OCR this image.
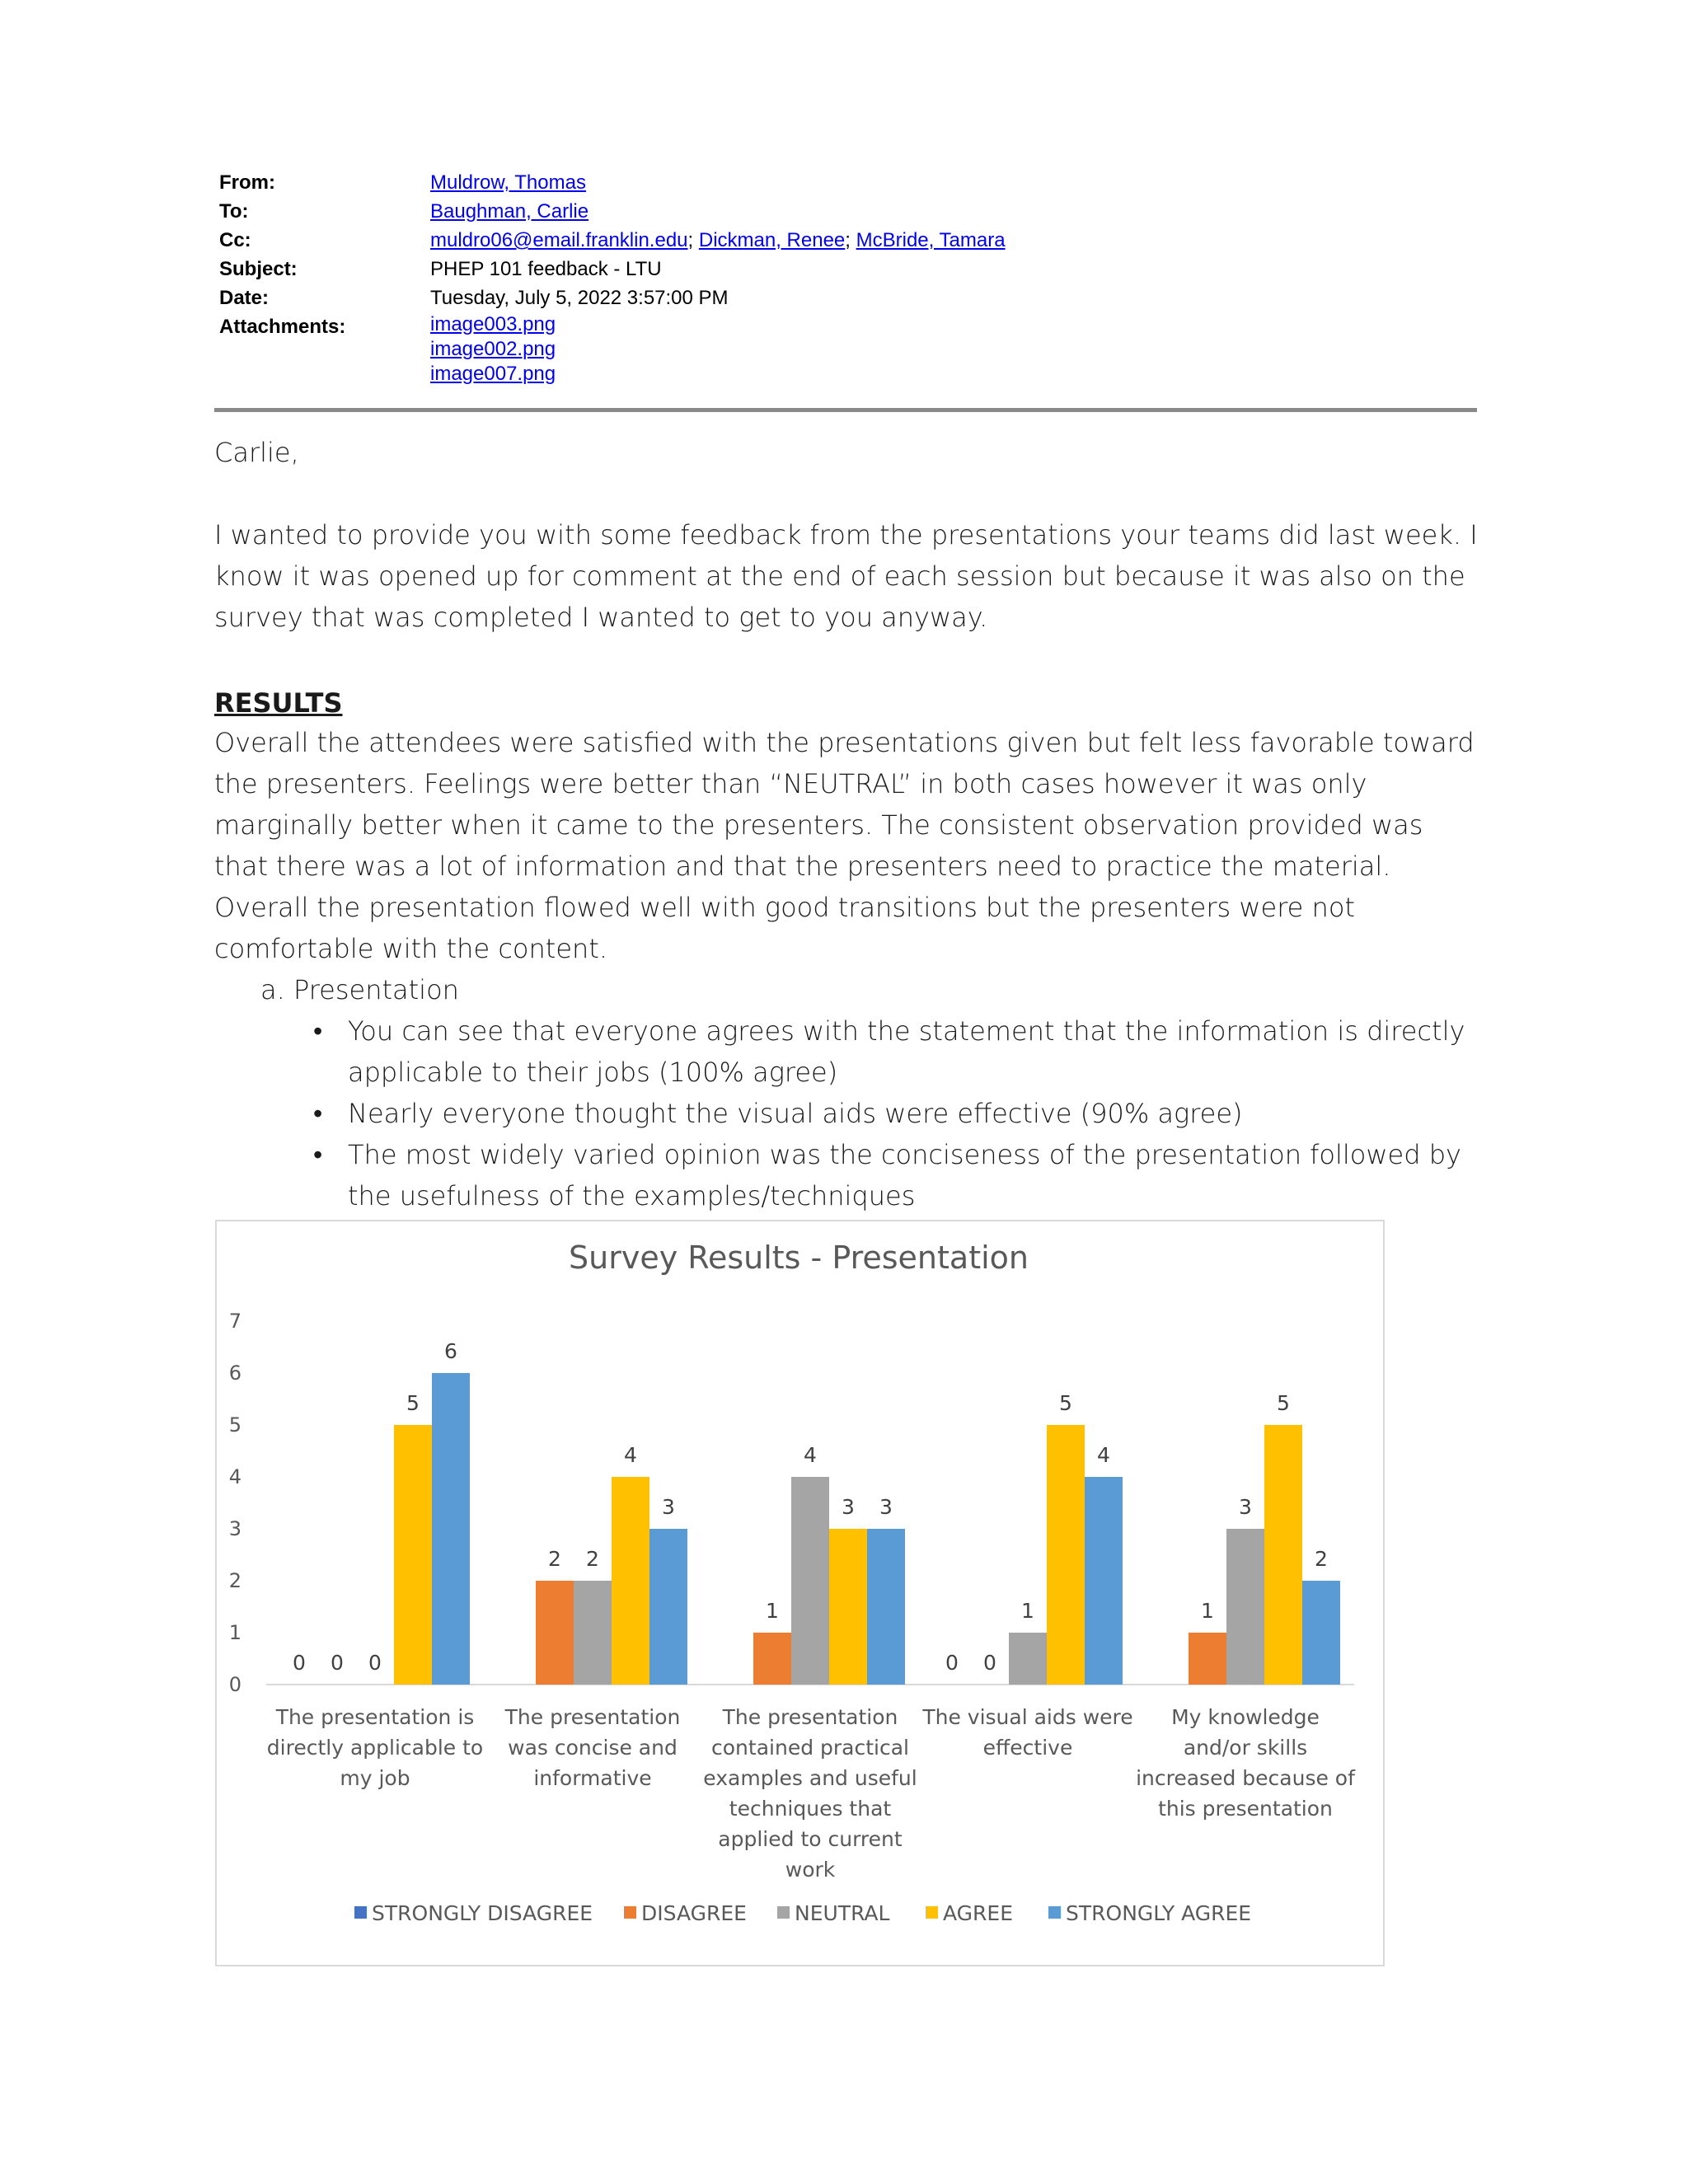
From:	Muldrow, Thomas
To:	Baughman, Carlie
Cc:	muldro06@email.franklin.edu; Dickman, Renee; McBride, Tamara
Subject:	PHEP 101 feedback - LTU
Date:	Tuesday, July 5, 2022 3:57:00 PM
Attachments:	image003.png
image002.png
image007.png
Carlie,
I wanted to provide you with some feedback from the presentations your teams did last week. I know it was opened up for comment at the end of each session but because it was also on the survey that was completed I wanted to get to you anyway.
RESULTS
Overall the attendees were satisfied with the presentations given but felt less favorable toward the presenters. Feelings were better than “NEUTRAL” in both cases however it was only marginally better when it came to the presenters. The consistent observation provided was that there was a lot of information and that the presenters need to practice the material. Overall the presentation flowed well with good transitions but the presenters were not comfortable with the content.
a. Presentation
• You can see that everyone agrees with the statement that the information is directly applicable to their jobs (100% agree)
• Nearly everyone thought the visual aids were effective (90% agree)
• The most widely varied opinion was the conciseness of the presentation followed by the usefulness of the examples/techniques
Survey Results - Presentation
0
1
2
3
4
5
6
7
0 0 0
5
6
The presentation is
directly applicable to
my job
2 2
4
3
The presentation
was concise and
informative
1
4
3 3
The presentation
contained practical
examples and useful
techniques that
applied to current
work
0 0
1
5
4
The visual aids were
effective
1
3
5
2
My knowledge
and/or skills
increased because of
this presentation
STRONGLY DISAGREE DISAGREE NEUTRAL	AGREE	STRONGLY AGREE
